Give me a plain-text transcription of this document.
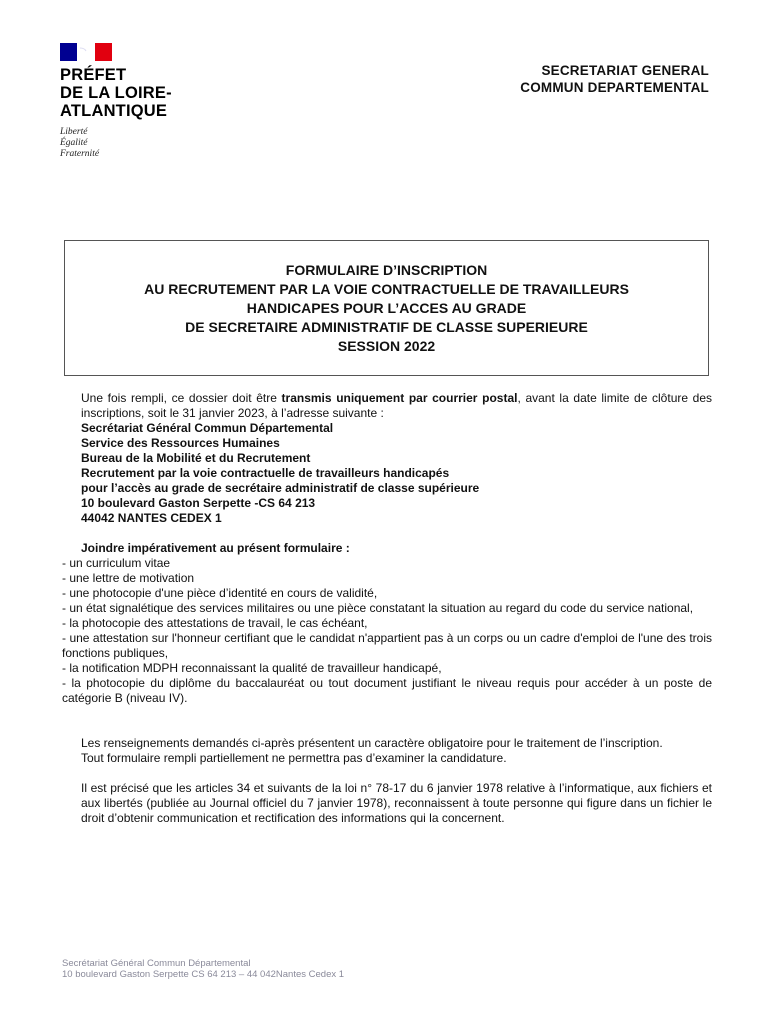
PRÉFET
DE LA LOIRE-
ATLANTIQUE
Liberté
Égalité
Fraternité
SECRETARIAT GENERAL
COMMUN DEPARTEMENTAL
FORMULAIRE D’INSCRIPTION
AU RECRUTEMENT PAR LA VOIE CONTRACTUELLE DE TRAVAILLEURS
HANDICAPES POUR L’ACCES AU GRADE
DE SECRETAIRE ADMINISTRATIF DE CLASSE SUPERIEURE
SESSION 2022

Une fois rempli, ce dossier doit être transmis uniquement par courrier postal, avant la date limite de clôture des inscriptions, soit le 31 janvier 2023, à l’adresse suivante :

Secrétariat Général Commun Départemental
Service des Ressources Humaines
Bureau de la Mobilité et du Recrutement
Recrutement par la voie contractuelle de travailleurs handicapés
pour l’accès au grade de secrétaire administratif de classe supérieure
10 boulevard Gaston Serpette -CS 64 213
44042 NANTES CEDEX 1
Joindre impérativement au présent formulaire :
- un curriculum vitae
- une lettre de motivation
- une photocopie d'une pièce d’identité en cours de validité,
- un état signalétique des services militaires ou une pièce constatant la situation au regard du code du service national,
- la photocopie des attestations de travail, le cas échéant,
- une attestation sur l'honneur certifiant que le candidat n'appartient pas à un corps ou un cadre d'emploi de l'une des trois fonctions publiques,
- la notification MDPH reconnaissant la qualité de travailleur handicapé,
- la photocopie du diplôme du baccalauréat ou tout document justifiant le niveau requis pour accéder à un poste de catégorie B (niveau IV).

Les renseignements demandés ci-après présentent un caractère obligatoire pour le traitement de l’inscription.

Tout formulaire rempli partiellement ne permettra pas d’examiner la candidature.

Il est précisé que les articles 34 et suivants de la loi n° 78-17 du 6 janvier 1978 relative à l’informatique, aux fichiers et aux libertés (publiée au Journal officiel du 7 janvier 1978), reconnaissent à toute personne qui figure dans un fichier le droit d’obtenir communication et rectification des informations qui la concernent.

Secrétariat Général Commun Départemental
10 boulevard Gaston Serpette CS 64 213 – 44 042Nantes Cedex 1
